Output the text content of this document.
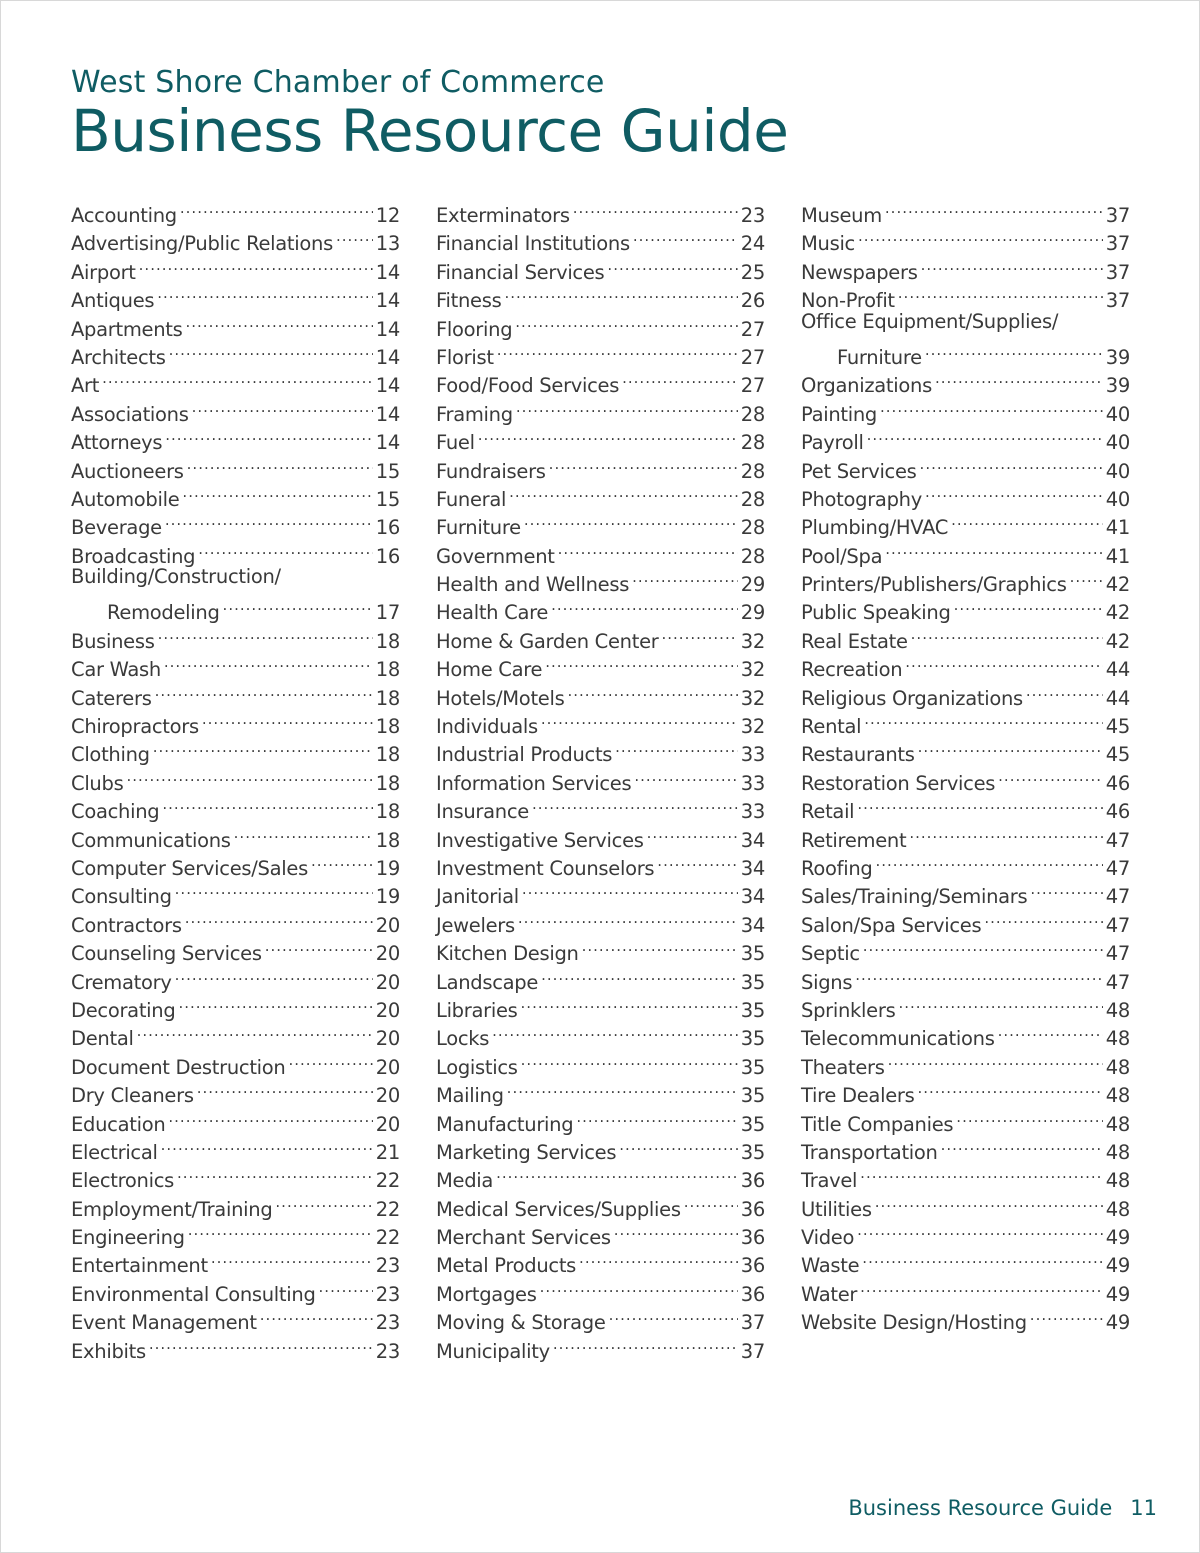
West Shore Chamber of Commerce
Business Resource Guide
Accounting .....	12
Advertising/Public Relations ..... 13
Airport .....	14
Antiques .....	14
Apartments .....	14
Architects .....	14
Art .....	14
Associations .....	14
Attorneys .....	14
Auctioneers .....	15
Automobile .....	15
Beverage .....	16
Broadcasting .....	16
Building/Construction/
Remodeling .....	17
Business .....	18
Car Wash .....	18
Caterers .....	18
Chiropractors .....	18
Clothing .....	18
Clubs .....	18
Coaching .....	18
Communications .....	18
Computer Services/Sales .....	19
Consulting .....	19
Contractors .....	20
Counseling Services .....	20
Crematory .....	20
Decorating .....	20
Dental .....	20
Document Destruction .....	20
Dry Cleaners .....	20
Education .....	20
Electrical .....	21
Electronics .....	22
Employment/Training .....	22
Engineering .....	22
Entertainment .....	23
Environmental Consulting .....	23
Event Management .....	23
Exhibits .....	23
Exterminators .....	23
Financial Institutions .....	24
Financial Services .....	25
Fitness .....	26
Flooring .....	27
Florist .....	27
Food/Food Services .....	27
Framing .....	28
Fuel .....	28
Fundraisers .....	28
Funeral .....	28
Furniture .....	28
Government .....	28
Health and Wellness .....	29
Health Care .....	29
Home & Garden Center .....	32
Home Care .....	32
Hotels/Motels .....	32
Individuals .....	32
Industrial Products .....	33
Information Services .....	33
Insurance .....	33
Investigative Services .....	34
Investment Counselors .....	34
Janitorial .....	34
Jewelers .....	34
Kitchen Design .....	35
Landscape .....	35
Libraries .....	35
Locks .....	35
Logistics .....	35
Mailing .....	35
Manufacturing .....	35
Marketing Services .....	35
Media .....	36
Medical Services/Supplies .....	36
Merchant Services .....	36
Metal Products .....	36
Mortgages .....	36
Moving & Storage .....	37
Municipality .....	37
Museum .....	37
Music .....	37
Newspapers .....	37
Non-Profit .....	37
Office Equipment/Supplies/
Furniture .....	39
Organizations .....	39
Painting .....	40
Payroll .....	40
Pet Services .....	40
Photography .....	40
Plumbing/HVAC .....	41
Pool/Spa .....	41
Printers/Publishers/Graphics ..... 42
Public Speaking .....	42
Real Estate .....	42
Recreation .....	44
Religious Organizations .....	44
Rental .....	45
Restaurants .....	45
Restoration Services .....	46
Retail .....	46
Retirement .....	47
Roofing .....	47
Sales/Training/Seminars .....	47
Salon/Spa Services .....	47
Septic .....	47
Signs .....	47
Sprinklers .....	48
Telecommunications .....	48
Theaters .....	48
Tire Dealers .....	48
Title Companies .....	48
Transportation .....	48
Travel .....	48
Utilities .....	48
Video .....	49
Waste .....	49
Water .....	49
Website Design/Hosting .....	49
Business Resource Guide 11
